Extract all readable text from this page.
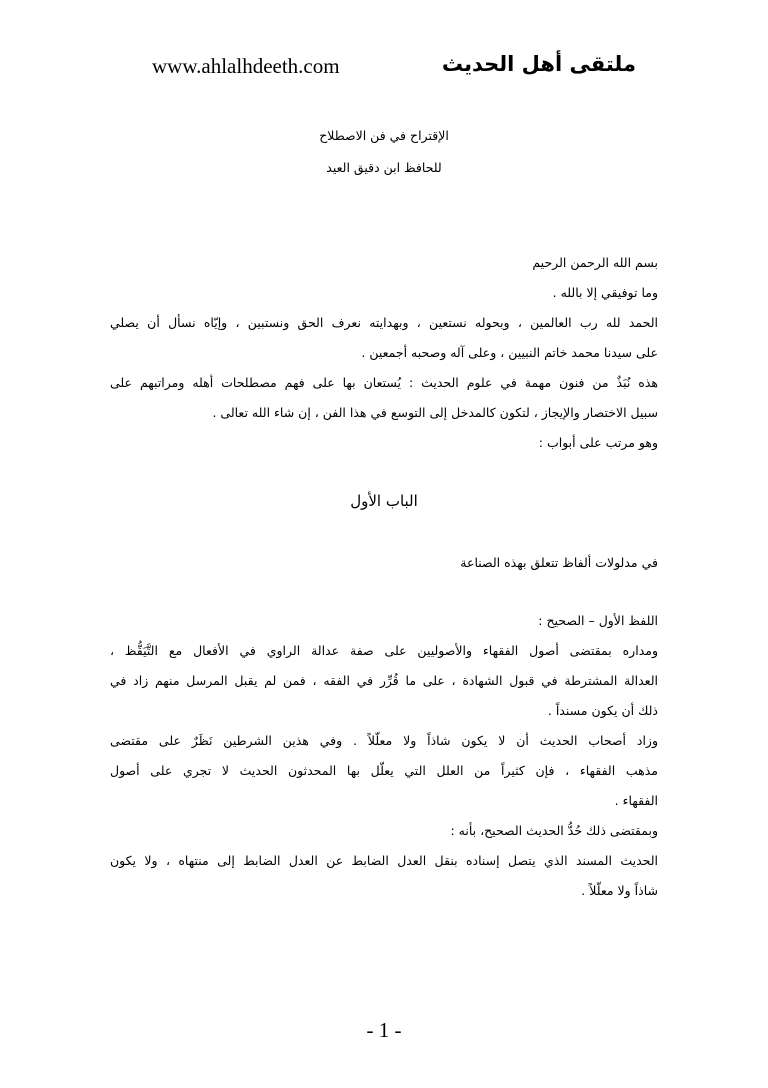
www.ahlalhdeeth.com	ملتقى أهل الحديث
الإقتراح في فن الاصطلاح
للحافظ ابن دقيق العيد
بسم الله الرحمن الرحيم
وما توفيقي إلا بالله .
الحمد لله رب العالمين ، وبحوله نستعين ، وبهدايته نعرف الحق ونستبين ، وإيّاه نسأل أن يصلي
على سيدنا محمد خاتم النبيين ، وعلى آله وصحبه أجمعين .
هذه نُبَذٌ من فنون مهمة في علوم الحديث : يُستعان بها على فهم مصطلحات أهله ومراتبهم على
سبيل الاختصار والإيجاز ، لتكون كالمدخل إلى التوسع في هذا الفن ، إن شاء الله تعالى .
وهو مرتب على أبواب :
الباب الأول
في مدلولات ألفاظ تتعلق بهذه الصناعة
اللفظ الأول – الصحيح :
ومداره بمقتضى أصول الفقهاء والأصوليين على صفة عدالة الراوي في الأفعال مع التَّيَقُّظ ،
العدالة المشترطة في قبول الشهادة ، على ما قُرِّر في الفقه ، فمن لم يقبل المرسل منهم زاد في
ذلك أن يكون مسنداً .
وزاد أصحاب الحديث أن لا يكون شاذاً ولا معلّلاً . وفي هذين الشرطين نَظَرٌ على مقتضى
مذهب الفقهاء ، فإن كثيراً من العلل التي يعلّل بها المحدثون الحديث لا تجري على أصول
الفقهاء .
وبمقتضى ذلك حُدُّ الحديث الصحيح، بأنه :
الحديث المسند الذي يتصل إسناده بنقل العدل الضابط عن العدل الضابط إلى منتهاه ، ولا يكون
شاذاً ولا معلّلاً .
- 1 -
